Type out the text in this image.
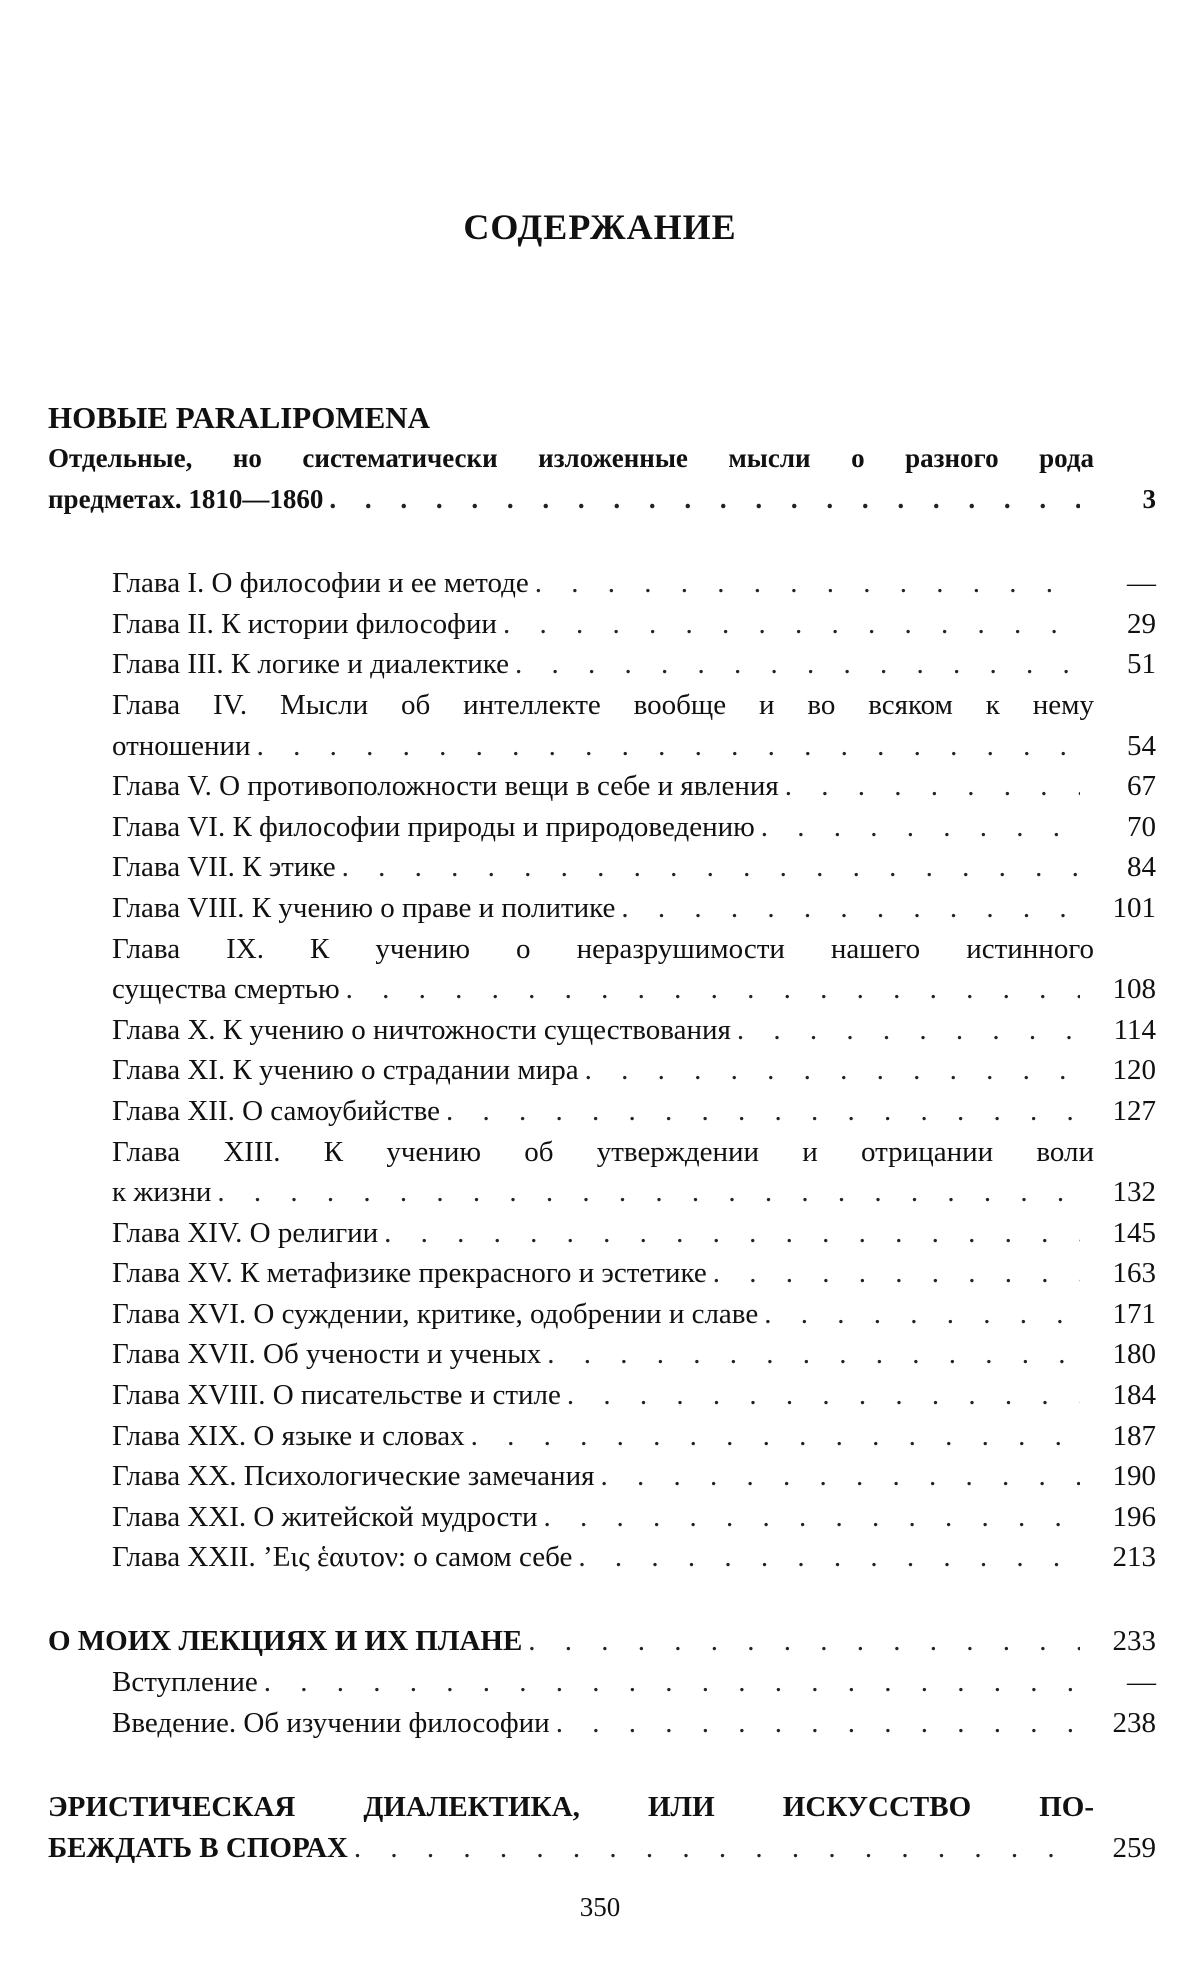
СОДЕРЖАНИЕ
НОВЫЕ PARALIPOMENA
Отдельные, но систематически изложенные мысли о разного рода
предметах. 1810—1860 . . .	3
Глава I. О философии и ее методе . . .	—
Глава II. К истории философии . . .	29
Глава III. К логике и диалектике . . .	51
Глава IV. Мысли об интеллекте вообще и во всяком к нему
отношении . . .	54
Глава V. О противоположности вещи в себе и явления . . .	67
Глава VI. К философии природы и природоведению . . .	70
Глава VII. К этике . . .	84
Глава VIII. К учению о праве и политике . . .	101
Глава IX. К учению о неразрушимости нашего истинного
существа смертью . . .	108
Глава X. К учению о ничтожности существования . . .	114
Глава XI. К учению о страдании мира . . .	120
Глава XII. О самоубийстве . . .	127
Глава XIII. К учению об утверждении и отрицании воли
к жизни . . .	132
Глава XIV. О религии . . .	145
Глава XV. К метафизике прекрасного и эстетике . . .	163
Глава XVI. О суждении, критике, одобрении и славе . . .	171
Глава XVII. Об учености и ученых . . .	180
Глава XVIII. О писательстве и стиле . . .	184
Глава XIX. О языке и словах . . .	187
Глава XX. Психологические замечания . . .	190
Глава XXI. О житейской мудрости . . .	196
Глава XXII. ’Εις ἑαυτον: о самом себе . . .	213
О МОИХ ЛЕКЦИЯХ И ИХ ПЛАНЕ . . .	233
Вступление . . .	—
Введение. Об изучении философии . . .	238
ЭРИСТИЧЕСКАЯ ДИАЛЕКТИКА, ИЛИ ИСКУССТВО ПО-
БЕЖДАТЬ В СПОРАХ . . .	259
350
